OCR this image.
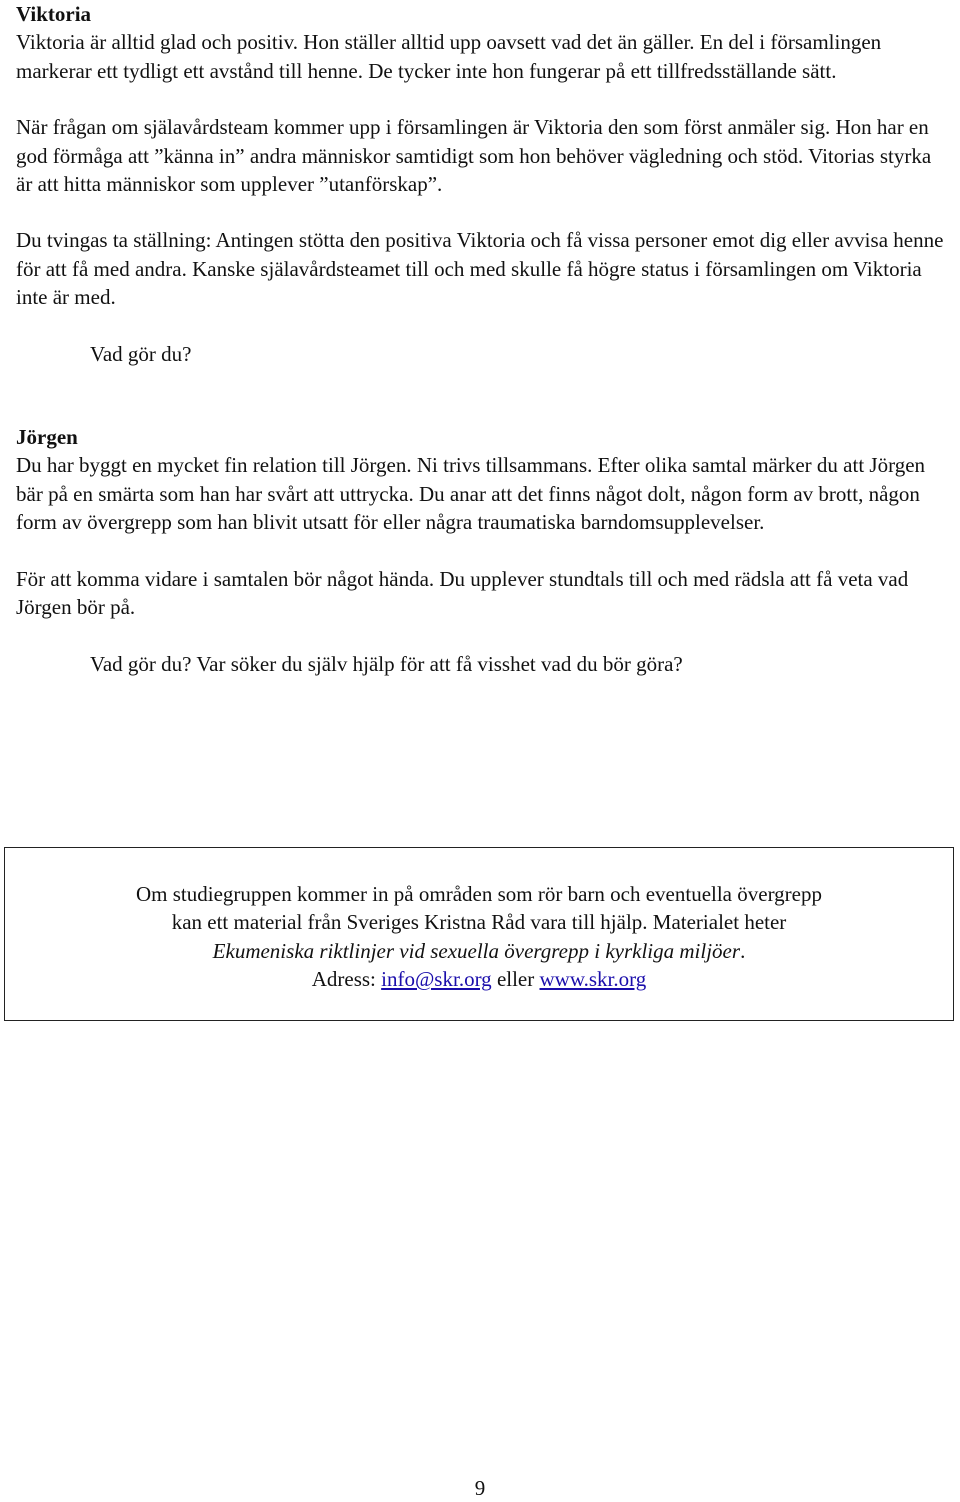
Viktoria

Viktoria är alltid glad och positiv. Hon ställer alltid upp oavsett vad det än gäller. En del i församlingen markerar ett tydligt ett avstånd till henne. De tycker inte hon fungerar på ett tillfredsställande sätt.

När frågan om själavårdsteam kommer upp i församlingen är Viktoria den som först anmäler sig. Hon har en god förmåga att ”känna in” andra människor samtidigt som hon behöver vägledning och stöd. Vitorias styrka är att hitta människor som upplever ”utanförskap”.

Du tvingas ta ställning: Antingen stötta den positiva Viktoria och få vissa personer emot dig eller avvisa henne för att få med andra. Kanske själavårdsteamet till och med skulle få högre status i församlingen om Viktoria inte är med.

Vad gör du?

Jörgen

Du har byggt en mycket fin relation till Jörgen. Ni trivs tillsammans. Efter olika samtal märker du att Jörgen bär på en smärta som han har svårt att uttrycka. Du anar att det finns något dolt, någon form av brott, någon form av övergrepp som han blivit utsatt för eller några traumatiska barndomsupplevelser.

För att komma vidare i samtalen bör något hända. Du upplever stundtals till och med rädsla att få veta vad Jörgen bör på.

Vad gör du? Var söker du själv hjälp för att få visshet vad du bör göra?

Om studiegruppen kommer in på områden som rör barn och eventuella övergrepp
kan ett material från Sveriges Kristna Råd vara till hjälp. Materialet heter
Ekumeniska riktlinjer vid sexuella övergrepp i kyrkliga miljöer.
Adress: info@skr.org eller www.skr.org
9
